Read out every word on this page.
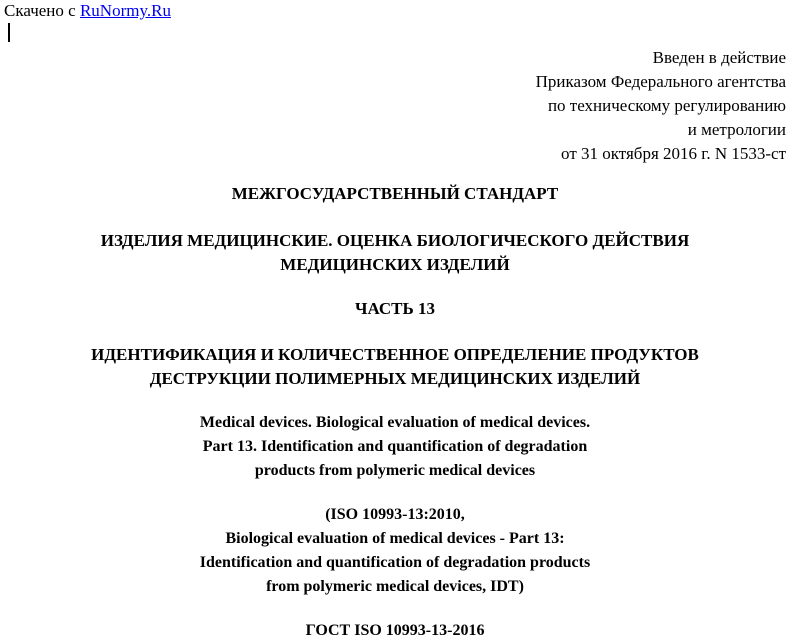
Скачено с RuNormy.Ru
Введен в действие
Приказом Федерального агентства
по техническому регулированию
и метрологии
от 31 октября 2016 г. N 1533-ст
МЕЖГОСУДАРСТВЕННЫЙ СТАНДАРТ
ИЗДЕЛИЯ МЕДИЦИНСКИЕ. ОЦЕНКА БИОЛОГИЧЕСКОГО ДЕЙСТВИЯ
МЕДИЦИНСКИХ ИЗДЕЛИЙ
ЧАСТЬ 13
ИДЕНТИФИКАЦИЯ И КОЛИЧЕСТВЕННОЕ ОПРЕДЕЛЕНИЕ ПРОДУКТОВ
ДЕСТРУКЦИИ ПОЛИМЕРНЫХ МЕДИЦИНСКИХ ИЗДЕЛИЙ
Medical devices. Biological evaluation of medical devices.
Part 13. Identification and quantification of degradation
products from polymeric medical devices
(ISO 10993-13:2010,
Biological evaluation of medical devices - Part 13:
Identification and quantification of degradation products
from polymeric medical devices, IDT)
ГОСТ ISO 10993-13-2016
